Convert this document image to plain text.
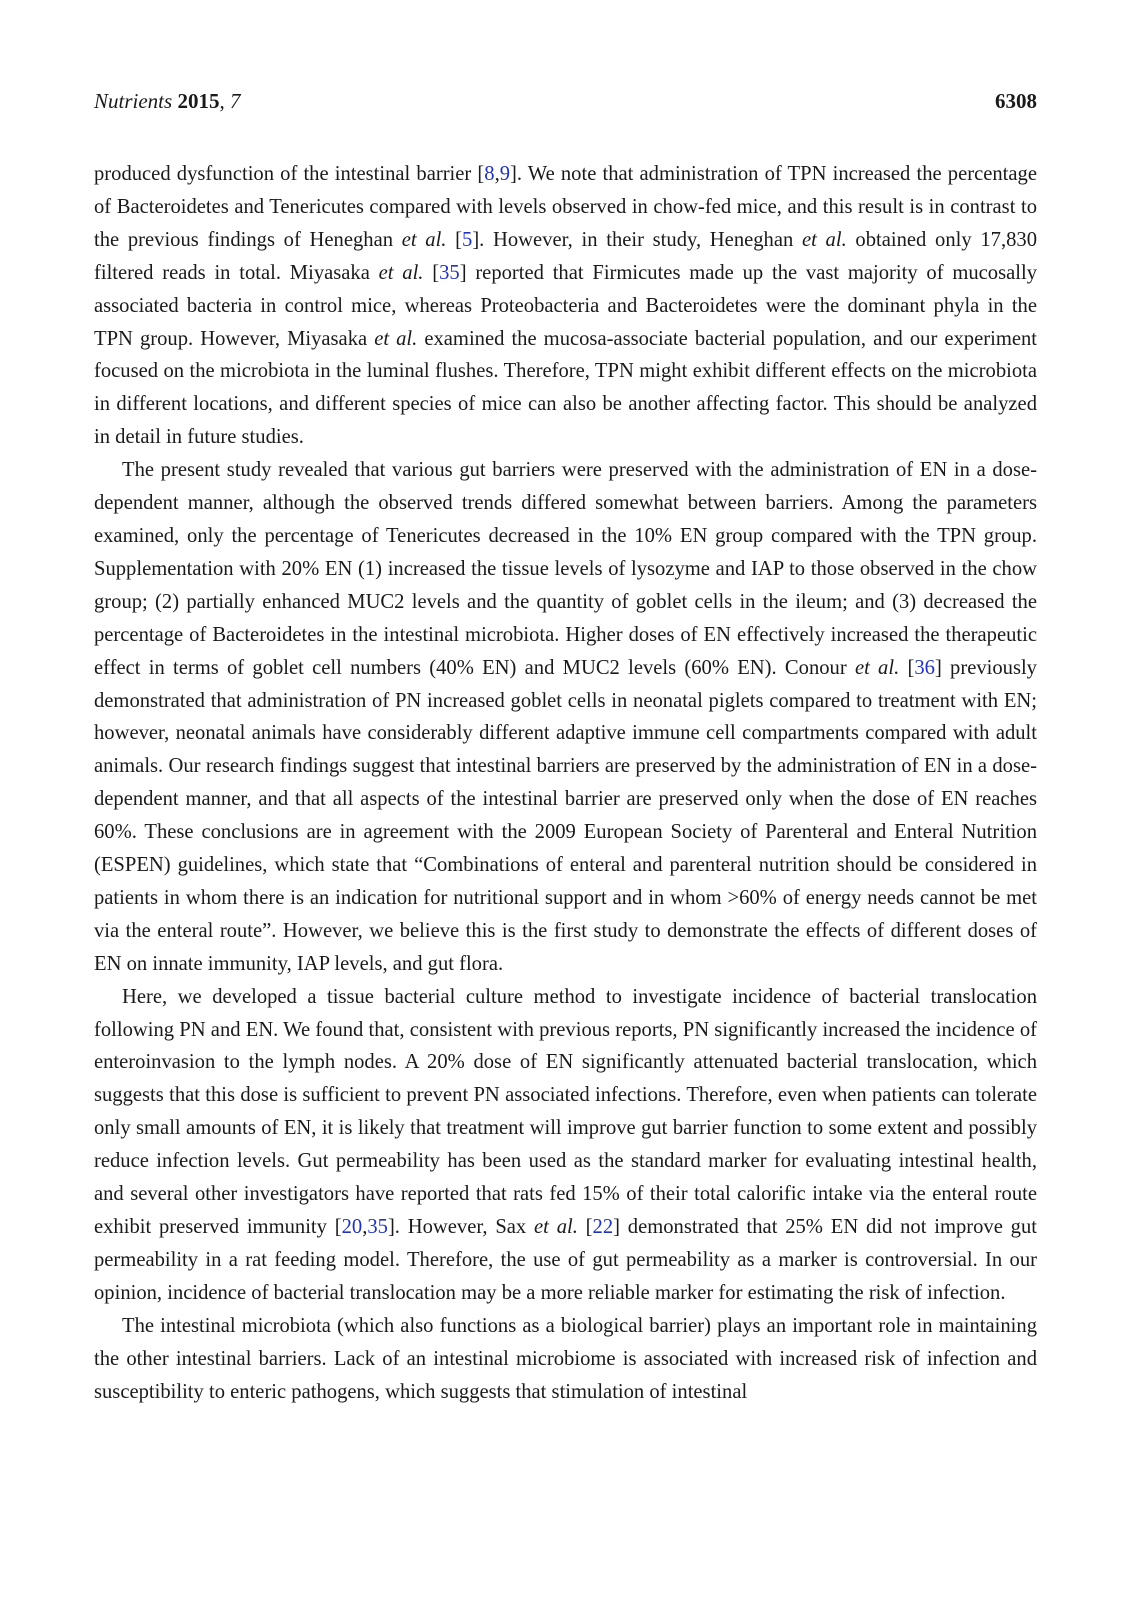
Nutrients 2015, 7	6308

produced dysfunction of the intestinal barrier [8,9]. We note that administration of TPN increased the percentage of Bacteroidetes and Tenericutes compared with levels observed in chow-fed mice, and this result is in contrast to the previous findings of Heneghan et al. [5]. However, in their study, Heneghan et al. obtained only 17,830 filtered reads in total. Miyasaka et al. [35] reported that Firmicutes made up the vast majority of mucosally associated bacteria in control mice, whereas Proteobacteria and Bacteroidetes were the dominant phyla in the TPN group. However, Miyasaka et al. examined the mucosa-associate bacterial population, and our experiment focused on the microbiota in the luminal flushes. Therefore, TPN might exhibit different effects on the microbiota in different locations, and different species of mice can also be another affecting factor. This should be analyzed in detail in future studies.

The present study revealed that various gut barriers were preserved with the administration of EN in a dose-dependent manner, although the observed trends differed somewhat between barriers. Among the parameters examined, only the percentage of Tenericutes decreased in the 10% EN group compared with the TPN group. Supplementation with 20% EN (1) increased the tissue levels of lysozyme and IAP to those observed in the chow group; (2) partially enhanced MUC2 levels and the quantity of goblet cells in the ileum; and (3) decreased the percentage of Bacteroidetes in the intestinal microbiota. Higher doses of EN effectively increased the therapeutic effect in terms of goblet cell numbers (40% EN) and MUC2 levels (60% EN). Conour et al. [36] previously demonstrated that administration of PN increased goblet cells in neonatal piglets compared to treatment with EN; however, neonatal animals have considerably different adaptive immune cell compartments compared with adult animals. Our research findings suggest that intestinal barriers are preserved by the administration of EN in a dose-dependent manner, and that all aspects of the intestinal barrier are preserved only when the dose of EN reaches 60%. These conclusions are in agreement with the 2009 European Society of Parenteral and Enteral Nutrition (ESPEN) guidelines, which state that “Combinations of enteral and parenteral nutrition should be considered in patients in whom there is an indication for nutritional support and in whom >60% of energy needs cannot be met via the enteral route”. However, we believe this is the first study to demonstrate the effects of different doses of EN on innate immunity, IAP levels, and gut flora.

Here, we developed a tissue bacterial culture method to investigate incidence of bacterial translocation following PN and EN. We found that, consistent with previous reports, PN significantly increased the incidence of enteroinvasion to the lymph nodes. A 20% dose of EN significantly attenuated bacterial translocation, which suggests that this dose is sufficient to prevent PN associated infections. Therefore, even when patients can tolerate only small amounts of EN, it is likely that treatment will improve gut barrier function to some extent and possibly reduce infection levels. Gut permeability has been used as the standard marker for evaluating intestinal health, and several other investigators have reported that rats fed 15% of their total calorific intake via the enteral route exhibit preserved immunity [20,35]. However, Sax et al. [22] demonstrated that 25% EN did not improve gut permeability in a rat feeding model. Therefore, the use of gut permeability as a marker is controversial. In our opinion, incidence of bacterial translocation may be a more reliable marker for estimating the risk of infection.

The intestinal microbiota (which also functions as a biological barrier) plays an important role in maintaining the other intestinal barriers. Lack of an intestinal microbiome is associated with increased risk of infection and susceptibility to enteric pathogens, which suggests that stimulation of intestinal
